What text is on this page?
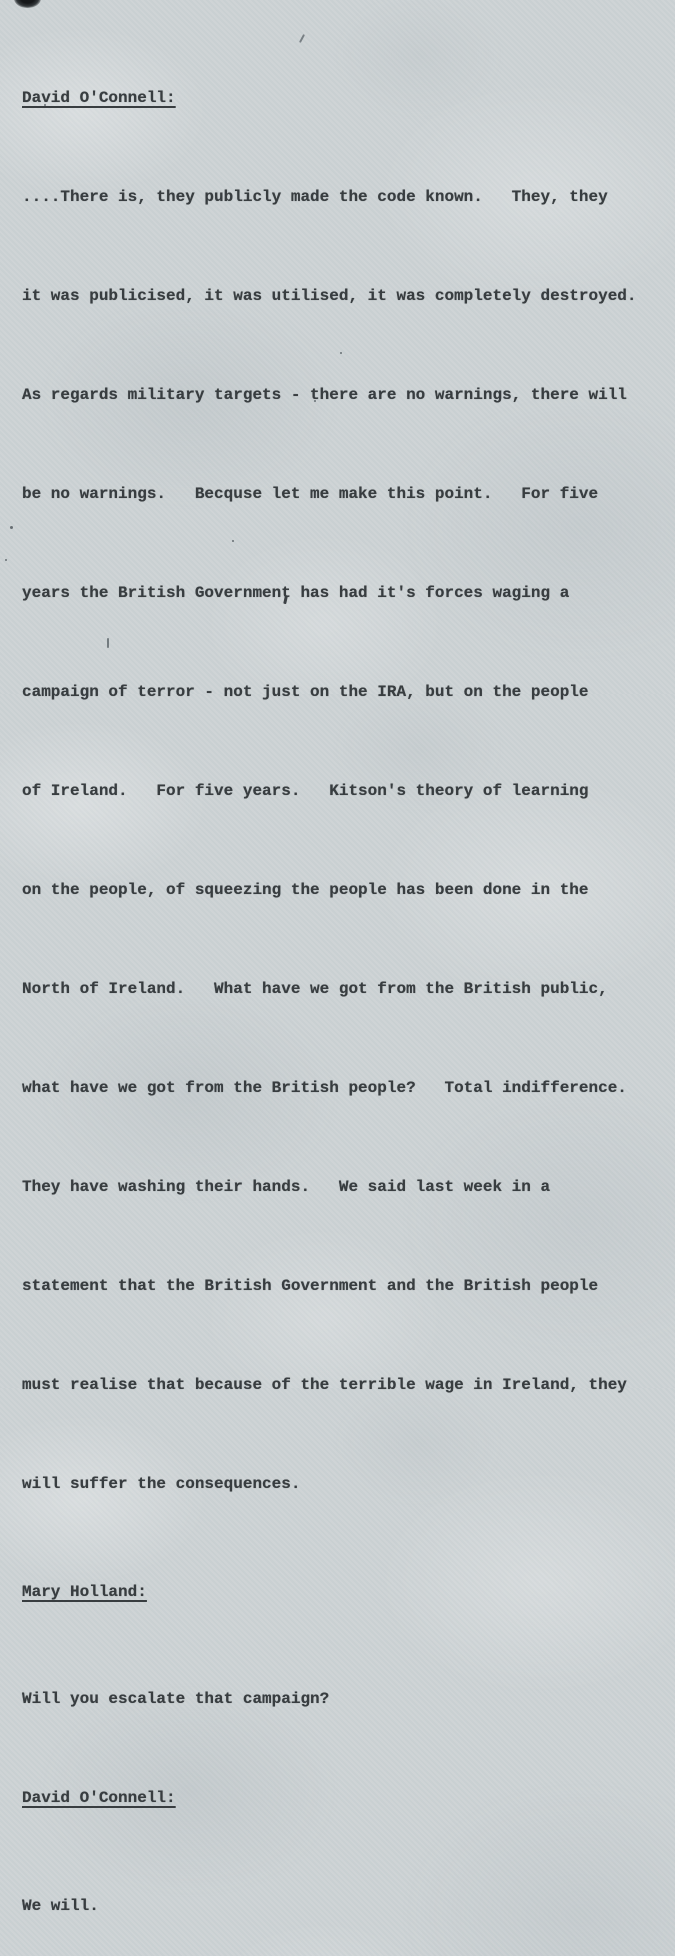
David O'Connell:

....There is, they publicly made the code known.   They, they

it was publicised, it was utilised, it was completely destroyed.

As regards military targets - there are no warnings, there will

be no warnings.   Becquse let me make this point.   For five

years the British Government has had it's forces waging a

campaign of terror - not just on the IRA, but on the people

of Ireland.   For five years.   Kitson's theory of learning

on the people, of squeezing the people has been done in the

North of Ireland.   What have we got from the British public,

what have we got from the British people?   Total indifference.

They have washing their hands.   We said last week in a

statement that the British Government and the British people

must realise that because of the terrible wage in Ireland, they

will suffer the consequences.

Mary Holland:

Will you escalate that campaign?

David O'Connell:

We will.
